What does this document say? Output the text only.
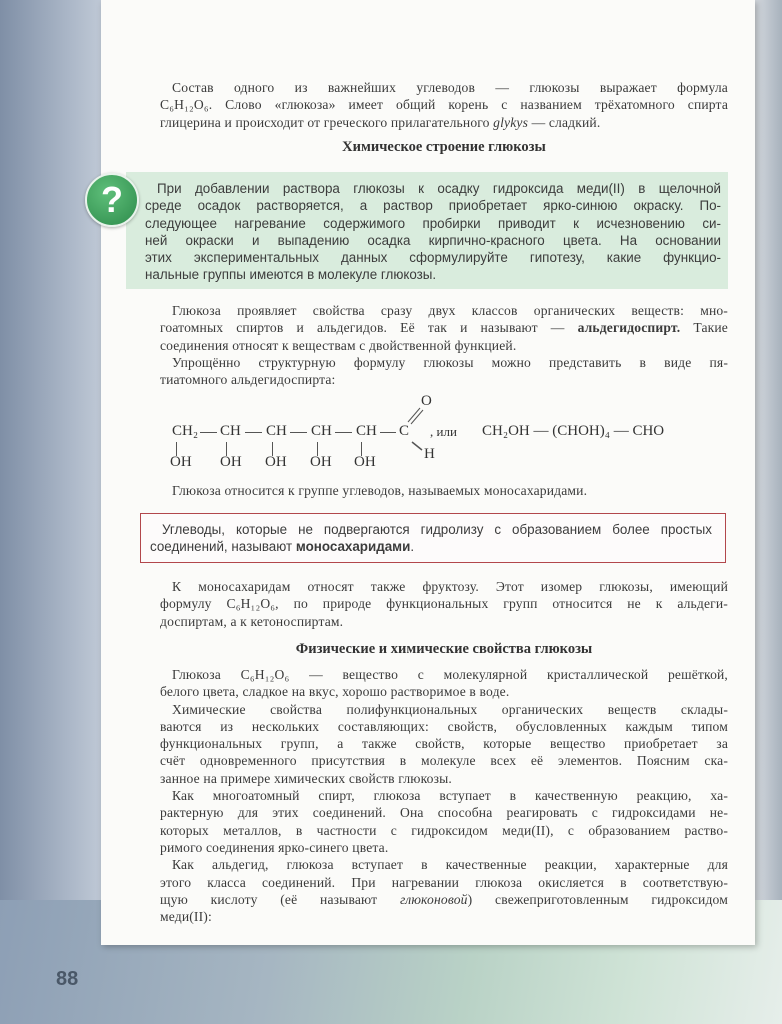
88
Состав одного из важнейших углеводов — глюкозы выражает формула
C₆H₁₂O₆. Слово «глюкоза» имеет общий корень с названием трёхатомного спирта
глицерина и происходит от греческого прилагательного glykys — сладкий.
Химическое строение глюкозы
?	При добавлении раствора глюкозы к осадку гидроксида меди(II) в щелочной
среде осадок растворяется, а раствор приобретает ярко-синюю окраску. По-
следующее нагревание содержимого пробирки приводит к исчезновению си-
ней окраски и выпадению осадка кирпично-красного цвета. На основании
этих экспериментальных данных сформулируйте гипотезу, какие функцио-
нальные группы имеются в молекуле глюкозы.
Глюкоза проявляет свойства сразу двух классов органических веществ: мно-
гоатомных спиртов и альдегидов. Её так и называют — альдегидоспирт. Такие
соединения относят к веществам с двойственной функцией.
Упрощённо структурную формулу глюкозы можно представить в виде пя-
тиатомного альдегидоспирта:
CH₂ CH CH CH CH C
O
H
OH OH OH OH OH
, или CH₂OH — (CHOH)₄ — CHO
Глюкоза относится к группе углеводов, называемых моносахаридами.
Углеводы, которые не подвергаются гидролизу с образованием более простых
соединений, называют моносахаридами.
К моносахаридам относят также фруктозу. Этот изомер глюкозы, имеющий
формулу C₆H₁₂O₆, по природе функциональных групп относится не к альдеги-
доспиртам, а к кетоноспиртам.
Физические и химические свойства глюкозы
Глюкоза C₆H₁₂O₆ — вещество с молекулярной кристаллической решёткой,
белого цвета, сладкое на вкус, хорошо растворимое в воде.
Химические свойства полифункциональных органических веществ склады-
ваются из нескольких составляющих: свойств, обусловленных каждым типом
функциональных групп, а также свойств, которые вещество приобретает за
счёт одновременного присутствия в молекуле всех её элементов. Поясним ска-
занное на примере химических свойств глюкозы.
Как многоатомный спирт, глюкоза вступает в качественную реакцию, ха-
рактерную для этих соединений. Она способна реагировать с гидроксидами не-
которых металлов, в частности с гидроксидом меди(II), с образованием раство-
римого соединения ярко-синего цвета.
Как альдегид, глюкоза вступает в качественные реакции, характерные для
этого класса соединений. При нагревании глюкоза окисляется в соответствую-
щую кислоту (её называют глюконовой) свежеприготовленным гидроксидом
меди(II):
